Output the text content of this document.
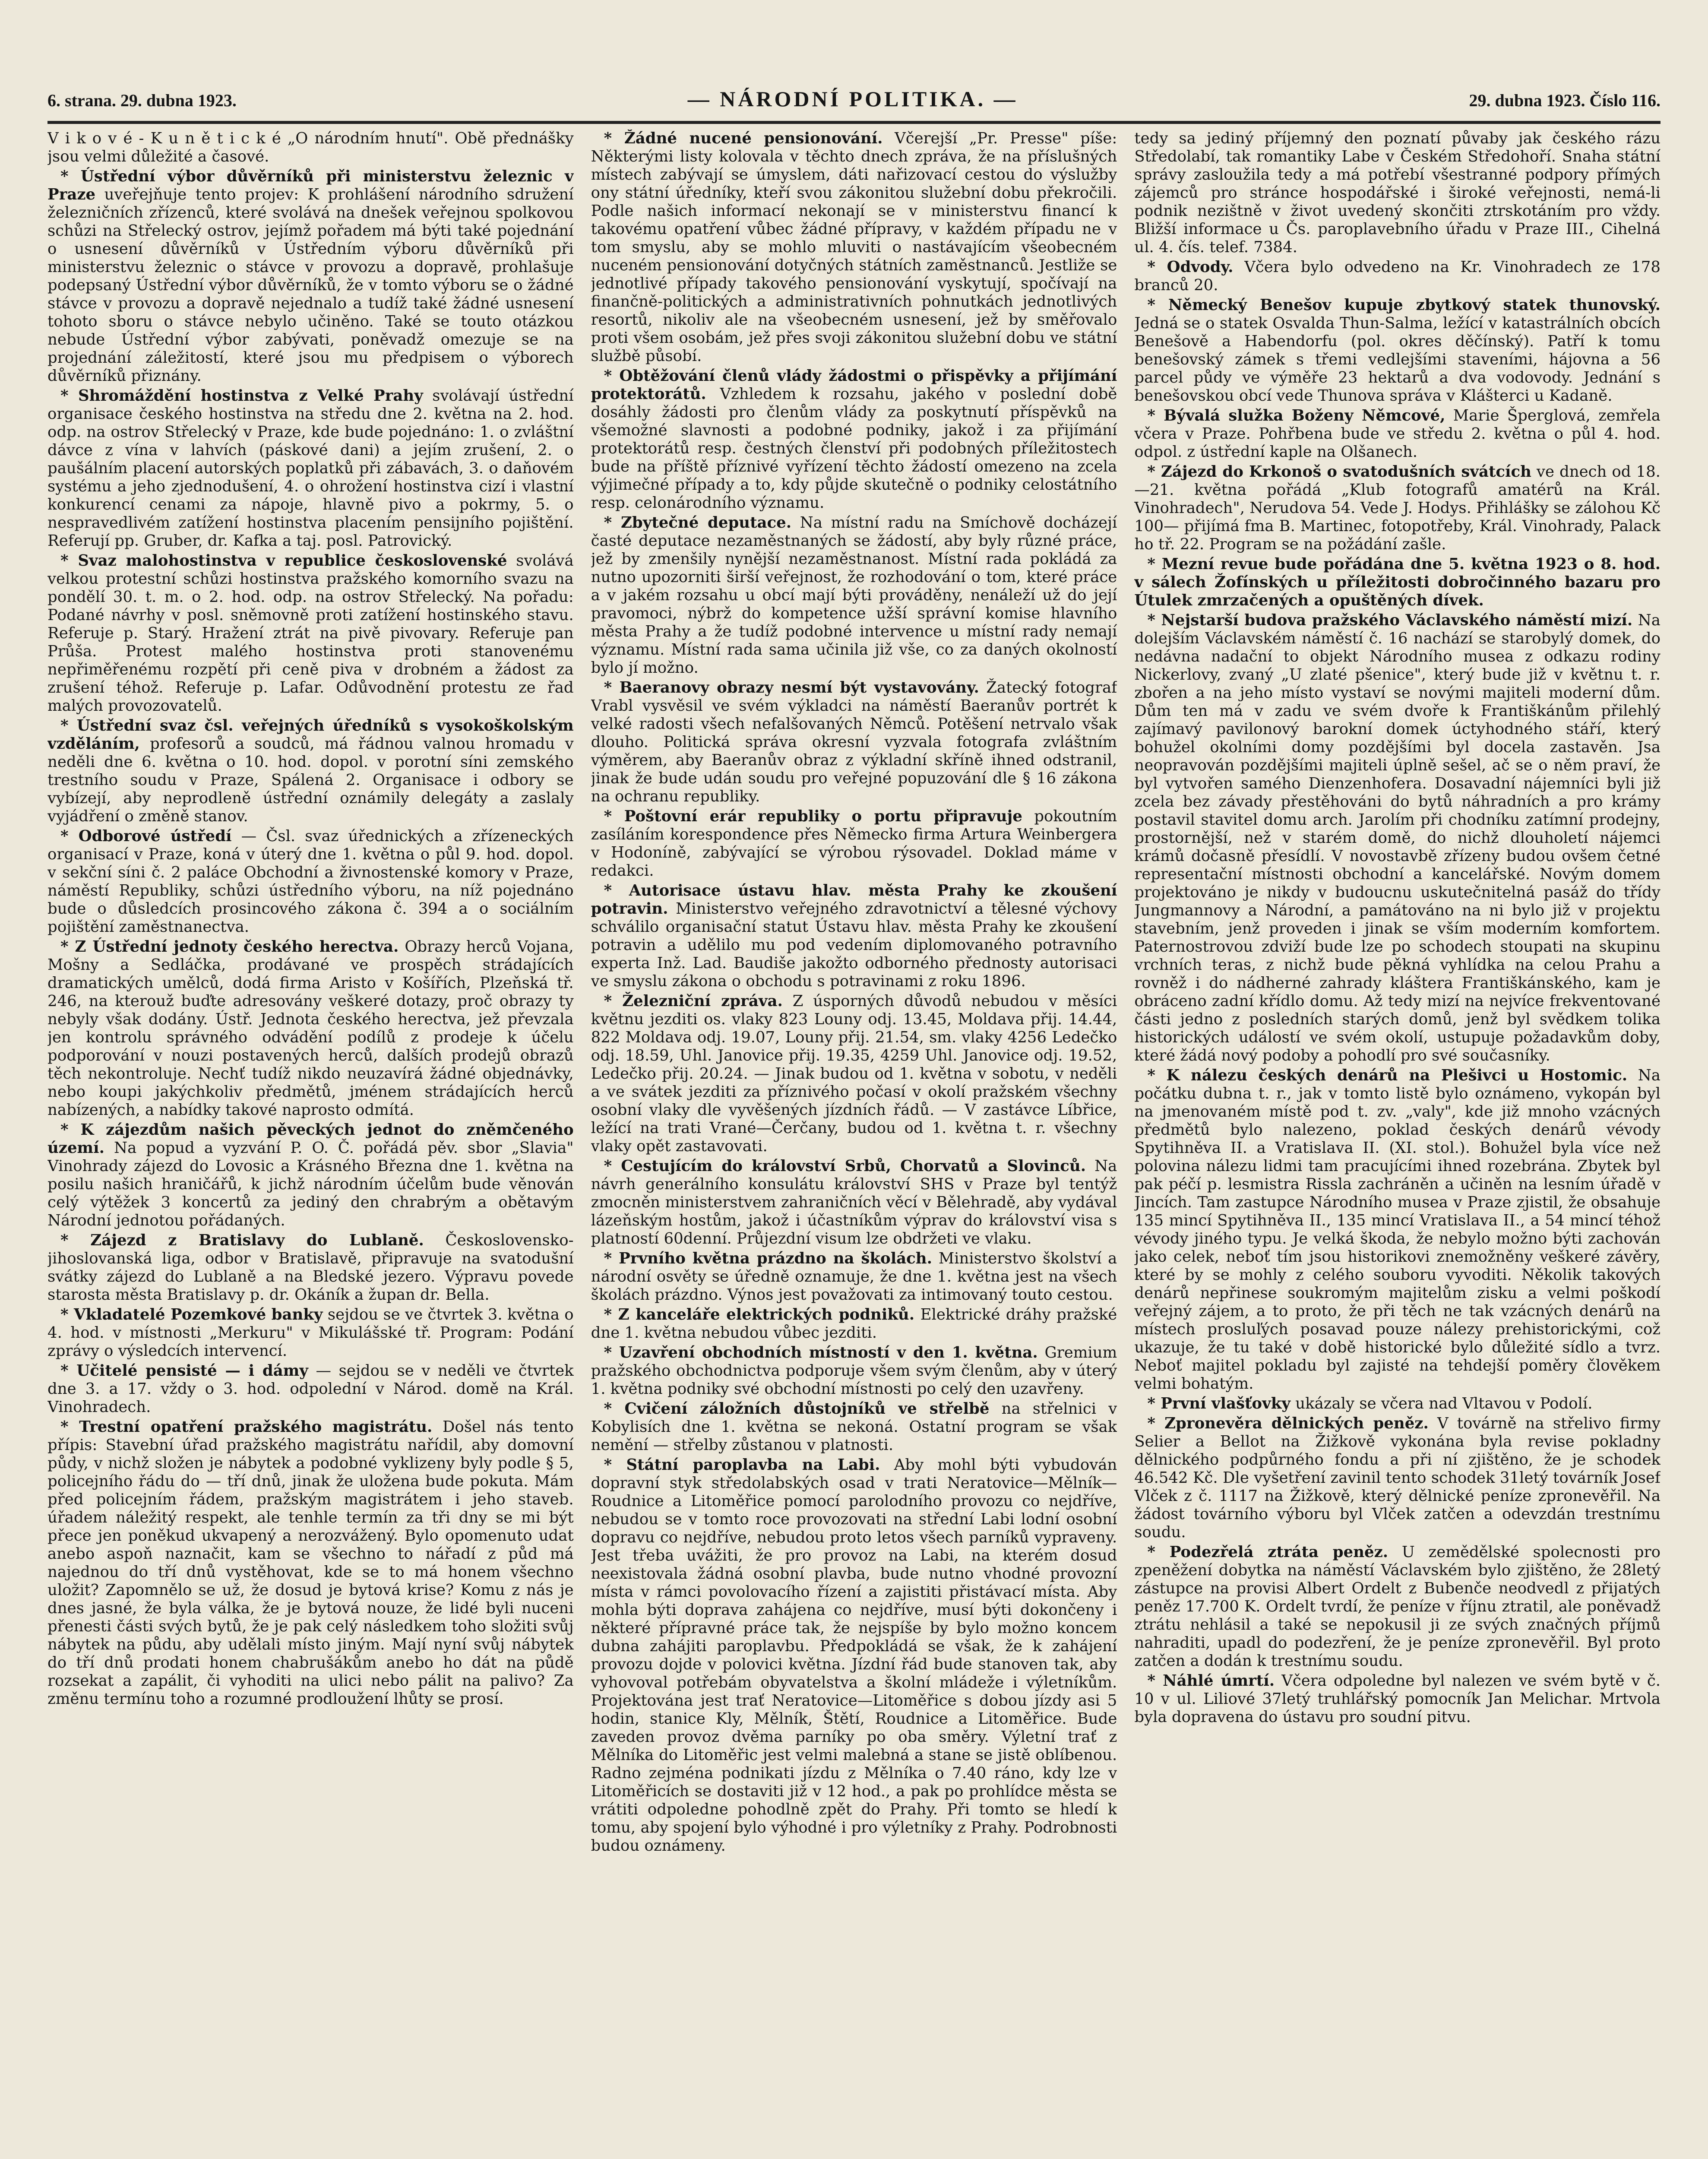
6. strana. 29. dubna 1923.	— NÁRODNÍ POLITIKA. —	29. dubna 1923. Číslo 116.

V i k o v é - K u n ě t i c k é „O národním hnutí". Obě přednášky jsou velmi důležité a časové.

* Ústřední výbor důvěrníků při ministerstvu železnic v Praze uveřejňuje tento projev: K prohlášení národního sdružení železničních zřízenců, které svolává na dnešek veřejnou spolkovou schůzi na Střelecký ostrov, jejímž pořadem má býti také pojednání o usnesení důvěrníků v Ústředním výboru důvěrníků při ministerstvu železnic o stávce v provozu a dopravě, prohlašuje podepsaný Ústřední výbor důvěrníků, že v tomto výboru se o žádné stávce v provozu a dopravě nejednalo a tudíž také žádné usnesení tohoto sboru o stávce nebylo učiněno. Také se touto otázkou nebude Ústřední výbor zabývati, poněvadž omezuje se na projednání záležitostí, které jsou mu předpisem o výborech důvěrníků přiznány.

* Shromáždění hostinstva z Velké Prahy svolávají ústřední organisace českého hostinstva na středu dne 2. května na 2. hod. odp. na ostrov Střelecký v Praze, kde bude pojednáno: 1. o zvláštní dávce z vína v lahvích (páskové dani) a jejím zrušení, 2. o paušálním placení autorských poplatků při zábavách, 3. o daňovém systému a jeho zjednodušení, 4. o ohrožení hostinstva cizí i vlastní konkurencí cenami za nápoje, hlavně pivo a pokrmy, 5. o nespravedlivém zatížení hostinstva placením pensijního pojištění. Referují pp. Gruber, dr. Kafka a taj. posl. Patrovický.

* Svaz malohostinstva v republice československé svolává velkou protestní schůzi hostinstva pražského komorního svazu na pondělí 30. t. m. o 2. hod. odp. na ostrov Střelecký. Na pořadu: Podané návrhy v posl. sněmovně proti zatížení hostinského stavu. Referuje p. Starý. Hražení ztrát na pivě pivovary. Referuje pan Průša. Protest malého hostinstva proti stanovenému nepřiměřenému rozpětí při ceně piva v drobném a žádost za zrušení téhož. Referuje p. Lafar. Odůvodnění protestu ze řad malých provozovatelů.

* Ústřední svaz čsl. veřejných úředníků s vysokoškolským vzděláním, profesorů a soudců, má řádnou valnou hromadu v neděli dne 6. května o 10. hod. dopol. v porotní síni zemského trestního soudu v Praze, Spálená 2. Organisace i odbory se vybízejí, aby neprodleně ústřední oznámily delegáty a zaslaly vyjádření o změně stanov.

* Odborové ústředí — Čsl. svaz úřednických a zřízeneckých organisací v Praze, koná v úterý dne 1. května o půl 9. hod. dopol. v sekční síni č. 2 paláce Obchodní a živnostenské komory v Praze, náměstí Republiky, schůzi ústředního výboru, na níž pojednáno bude o důsledcích prosincového zákona č. 394 a o sociálním pojištění zaměstnanectva.

* Z Ústřední jednoty českého herectva. Obrazy herců Vojana, Mošny a Sedláčka, prodávané ve prospěch strádajících dramatických umělců, dodá firma Aristo v Košířích, Plzeňská tř. 246, na kterouž buďte adresovány veškeré dotazy, proč obrazy ty nebyly však dodány. Ústř. Jednota českého herectva, jež převzala jen kontrolu správného odvádění podílů z prodeje k účelu podporování v nouzi postavených herců, dalších prodejů obrazů těch nekontroluje. Nechť tudíž nikdo neuzavírá žádné objednávky, nebo koupi jakýchkoliv předmětů, jménem strádajících herců nabízených, a nabídky takové naprosto odmítá.

* K zájezdům našich pěveckých jednot do zněmčeného území. Na popud a vyzvání P. O. Č. pořádá pěv. sbor „Slavia" Vinohrady zájezd do Lovosic a Krásného Března dne 1. května na posilu našich hraničářů, k jichž národním účelům bude věnován celý výtěžek 3 koncertů za jediný den chrabrým a obětavým Národní jednotou pořádaných.

* Zájezd z Bratislavy do Lublaně. Československo-jihoslovanská liga, odbor v Bratislavě, připravuje na svatodušní svátky zájezd do Lublaně a na Bledské jezero. Výpravu povede starosta města Bratislavy p. dr. Okáník a župan dr. Bella.

* Vkladatelé Pozemkové banky sejdou se ve čtvrtek 3. května o 4. hod. v místnosti „Merkuru" v Mikulášské tř. Program: Podání zprávy o výsledcích intervencí.

* Učitelé pensisté — i dámy — sejdou se v neděli ve čtvrtek dne 3. a 17. vždy o 3. hod. odpolední v Národ. domě na Král. Vinohradech.

* Trestní opatření pražského magistrátu. Došel nás tento přípis: Stavební úřad pražského magistrátu nařídil, aby domovní půdy, v nichž složen je nábytek a podobné vyklizeny byly podle § 5, policejního řádu do — tří dnů, jinak že uložena bude pokuta. Mám před policejním řádem, pražským magistrátem i jeho staveb. úřadem náležitý respekt, ale tenhle termín za tři dny se mi být přece jen poněkud ukvapený a nerozvážený. Bylo opomenuto udat anebo aspoň naznačit, kam se všechno to nářadí z půd má najednou do tří dnů vystěhovat, kde se to má honem všechno uložit? Zapomnělo se už, že dosud je bytová krise? Komu z nás je dnes jasné, že byla válka, že je bytová nouze, že lidé byli nuceni přenesti části svých bytů, že je pak celý následkem toho složiti svůj nábytek na půdu, aby udělali místo jiným. Mají nyní svůj nábytek do tří dnů prodati honem chabrušákům anebo ho dát na půdě rozsekat a zapálit, či vyhoditi na ulici nebo pálit na palivo? Za změnu termínu toho a rozumné prodloužení lhůty se prosí.

* Žádné nucené pensionování. Včerejší „Pr. Presse" píše: Některými listy kolovala v těchto dnech zpráva, že na příslušných místech zabývají se úmyslem, dáti nařizovací cestou do výslužby ony státní úředníky, kteří svou zákonitou služební dobu překročili. Podle našich informací nekonají se v ministerstvu financí k takovému opatření vůbec žádné přípravy, v každém případu ne v tom smyslu, aby se mohlo mluviti o nastávajícím všeobecném nuceném pensionování dotyčných státních zaměstnanců. Jestliže se jednotlivé případy takového pensionování vyskytují, spočívají na finančně-politických a administrativních pohnutkách jednotlivých resortů, nikoliv ale na všeobecném usnesení, jež by směřovalo proti všem osobám, jež přes svoji zákonitou služební dobu ve státní službě působí.

* Obtěžování členů vlády žádostmi o přispěvky a přijímání protektorátů. Vzhledem k rozsahu, jakého v poslední době dosáhly žádosti pro členům vlády za poskytnutí příspěvků na všemožné slavnosti a podobné podniky, jakož i za přijímání protektorátů resp. čestných členství při podobných příležitostech bude na příště příznivé vyřízení těchto žádostí omezeno na zcela výjimečné případy a to, kdy půjde skutečně o podniky celostátního resp. celonárodního významu.

* Zbytečné deputace. Na místní radu na Smíchově docházejí časté deputace nezaměstnaných se žádostí, aby byly různé práce, jež by zmenšily nynější nezaměstnanost. Místní rada pokládá za nutno upozorniti širší veřejnost, že rozhodování o tom, které práce a v jakém rozsahu u obcí mají býti prováděny, nenáleží už do její pravomoci, nýbrž do kompetence užší správní komise hlavního města Prahy a že tudíž podobné intervence u místní rady nemají významu. Místní rada sama učinila již vše, co za daných okolností bylo jí možno.

* Baeranovy obrazy nesmí být vystavovány. Žatecký fotograf Vrabl vysvěsil ve svém výkladci na náměstí Baeranův portrét k velké radosti všech nefalšovaných Němců. Potěšení netrvalo však dlouho. Politická správa okresní vyzvala fotografa zvláštním výměrem, aby Baeranův obraz z výkladní skříně ihned odstranil, jinak že bude udán soudu pro veřejné popuzování dle § 16 zákona na ochranu republiky.

* Poštovní erár republiky o portu připravuje pokoutním zasíláním korespondence přes Německo firma Artura Weinbergera v Hodoníně, zabývající se výrobou rýsovadel. Doklad máme v redakci.

* Autorisace ústavu hlav. města Prahy ke zkoušení potravin. Ministerstvo veřejného zdravotnictví a tělesné výchovy schválilo organisační statut Ústavu hlav. města Prahy ke zkoušení potravin a udělilo mu pod vedením diplomovaného potravního experta Inž. Lad. Baudiše jakožto odborného přednosty autorisaci ve smyslu zákona o obchodu s potravinami z roku 1896.

* Železniční zpráva. Z úsporných důvodů nebudou v měsíci květnu jezditi os. vlaky 823 Louny odj. 13.45, Moldava přij. 14.44, 822 Moldava odj. 19.07, Louny přij. 21.54, sm. vlaky 4256 Ledečko odj. 18.59, Uhl. Janovice přij. 19.35, 4259 Uhl. Janovice odj. 19.52, Ledečko přij. 20.24. — Jinak budou od 1. května v sobotu, v neděli a ve svátek jezditi za příznivého počasí v okolí pražském všechny osobní vlaky dle vyvěšených jízdních řádů. — V zastávce Líbřice, ležící na trati Vrané—Čerčany, budou od 1. května t. r. všechny vlaky opět zastavovati.

* Cestujícím do království Srbů, Chorvatů a Slovinců. Na návrh generálního konsulátu království SHS v Praze byl tentýž zmocněn ministerstvem zahraničních věcí v Bělehradě, aby vydával lázeňským hostům, jakož i účastníkům výprav do království visa s platností 60denní. Průjezdní visum lze obdržeti ve vlaku.

* Prvního května prázdno na školách. Ministerstvo školství a národní osvěty se úředně oznamuje, že dne 1. května jest na všech školách prázdno. Výnos jest považovati za intimovaný touto cestou.

* Z kanceláře elektrických podniků. Elektrické dráhy pražské dne 1. května nebudou vůbec jezditi.

* Uzavření obchodních místností v den 1. května. Gremium pražského obchodnictva podporuje všem svým členům, aby v úterý 1. května podniky své obchodní místnosti po celý den uzavřeny.

* Cvičení záložních důstojníků ve střelbě na střelnici v Kobylisích dne 1. května se nekoná. Ostatní program se však nemění — střelby zůstanou v platnosti.

* Státní paroplavba na Labi. Aby mohl býti vybudován dopravní styk středolabských osad v trati Neratovice—Mělník—Roudnice a Litoměřice pomocí parolodního provozu co nejdříve, nebudou se v tomto roce provozovati na střední Labi lodní osobní dopravu co nejdříve, nebudou proto letos všech parníků vypraveny. Jest třeba uvážiti, že pro provoz na Labi, na kterém dosud neexistovala žádná osobní plavba, bude nutno vhodné provozní místa v rámci povolovacího řízení a zajistiti přistávací místa. Aby mohla býti doprava zahájena co nejdříve, musí býti dokončeny i některé přípravné práce tak, že nejspíše by bylo možno koncem dubna zahájiti paroplavbu. Předpokládá se však, že k zahájení provozu dojde v polovici května. Jízdní řád bude stanoven tak, aby vyhovoval potřebám obyvatelstva a školní mládeže i výletníkům. Projektována jest trať Neratovice—Litoměřice s dobou jízdy asi 5 hodin, stanice Kly, Mělník, Štětí, Roudnice a Litoměřice. Bude zaveden provoz dvěma parníky po oba směry. Výletní trať z Mělníka do Litoměřic jest velmi malebná a stane se jistě oblíbenou. Radno zejména podnikati jízdu z Mělníka o 7.40 ráno, kdy lze v Litoměřicích se dostaviti již v 12 hod., a pak po prohlídce města se vrátiti odpoledne pohodlně zpět do Prahy. Při tomto se hledí k tomu, aby spojení bylo výhodné i pro výletníky z Prahy. Podrobnosti budou oznámeny.

tedy sa jediný příjemný den poznatí půvaby jak českého rázu Středolabí, tak romantiky Labe v Českém Středohoří. Snaha státní správy zasloužila tedy a má potřebí všestranné podpory přímých zájemců pro stránce hospodářské i široké veřejnosti, nemá-li podnik nezištně v život uvedený skončiti ztrskotáním pro vždy. Bližší informace u Čs. paroplavebního úřadu v Praze III., Cihelná ul. 4. čís. telef. 7384.

* Odvody. Včera bylo odvedeno na Kr. Vinohradech ze 178 branců 20.

* Německý Benešov kupuje zbytkový statek thunovský. Jedná se o statek Osvalda Thun-Salma, ležící v katastrálních obcích Benešově a Habendorfu (pol. okres děčínský). Patří k tomu benešovský zámek s třemi vedlejšími staveními, hájovna a 56 parcel půdy ve výměře 23 hektarů a dva vodovody. Jednání s benešovskou obcí vede Thunova správa v Klášterci u Kadaně.

* Bývalá služka Boženy Němcové, Marie Šperglová, zemřela včera v Praze. Pohřbena bude ve středu 2. května o půl 4. hod. odpol. z ústřední kaple na Olšanech.

* Zájezd do Krkonoš o svatodušních svátcích ve dnech od 18.—21. května pořádá „Klub fotografů amatérů na Král. Vinohradech", Nerudova 54. Vede J. Hodys. Přihlášky se zálohou Kč 100— přijímá fma B. Martinec, fotopotřeby, Král. Vinohrady, Palack ho tř. 22. Program se na požádání zašle.

* Mezní revue bude pořádána dne 5. května 1923 o 8. hod. v sálech Žofínských u příležitosti dobročinného bazaru pro Útulek zmrzačených a opuštěných dívek.

* Nejstarší budova pražského Václavského náměstí mizí. Na dolejším Václavském náměstí č. 16 nachází se starobylý domek, do nedávna nadační to objekt Národního musea z odkazu rodiny Nickerlovy, zvaný „U zlaté pšenice", který bude již v květnu t. r. zbořen a na jeho místo vystaví se novými majiteli moderní dům. Dům ten má v zadu ve svém dvoře k Františkánům přilehlý zajímavý pavilonový barokní domek úctyhodného stáří, který bohužel okolními domy pozdějšími byl docela zastavěn. Jsa neopravován pozdějšími majiteli úplně sešel, ač se o něm praví, že byl vytvořen samého Dienzenhofera. Dosavadní nájemníci byli již zcela bez závady přestěhováni do bytů náhradních a pro krámy postavil stavitel domu arch. Jarolím při chodníku zatímní prodejny, prostornější, než v starém domě, do nichž dlouholetí nájemci krámů dočasně přesídlí. V novostavbě zřízeny budou ovšem četné representační místnosti obchodní a kancelářské. Novým domem projektováno je nikdy v budoucnu uskutečnitelná pasáž do třídy Jungmannovy a Národní, a památováno na ni bylo již v projektu stavebním, jenž proveden i jinak se vším moderním komfortem. Paternostrovou zdviží bude lze po schodech stoupati na skupinu vrchních teras, z nichž bude pěkná vyhlídka na celou Prahu a rovněž i do nádherné zahrady kláštera Františkánského, kam je obráceno zadní křídlo domu. Až tedy mizí na nejvíce frekventované části jedno z posledních starých domů, jenž byl svědkem tolika historických událostí ve svém okolí, ustupuje požadavkům doby, které žádá nový podoby a pohodlí pro své současníky.

* K nálezu českých denárů na Plešivci u Hostomic. Na počátku dubna t. r., jak v tomto listě bylo oznámeno, vykopán byl na jmenovaném místě pod t. zv. „valy", kde již mnoho vzácných předmětů bylo nalezeno, poklad českých denárů vévody Spytihněva II. a Vratislava II. (XI. stol.). Bohužel byla více než polovina nálezu lidmi tam pracujícími ihned rozebrána. Zbytek byl pak péčí p. lesmistra Rissla zachráněn a učiněn na lesním úřadě v Jincích. Tam zastupce Národního musea v Praze zjistil, že obsahuje 135 mincí Spytihněva II., 135 mincí Vratislava II., a 54 mincí téhož vévody jiného typu. Je velká škoda, že nebylo možno býti zachován jako celek, neboť tím jsou historikovi znemožněny veškeré závěry, které by se mohly z celého souboru vyvoditi. Několik takových denárů nepřinese soukromým majitelům zisku a velmi poškodí veřejný zájem, a to proto, že při těch ne tak vzácných denárů na místech prosluľých posavad pouze nálezy prehistorickými, což ukazuje, že tu také v době historické bylo důležité sídlo a tvrz. Neboť majitel pokladu byl zajisté na tehdejší poměry člověkem velmi bohatým.

* První vlašťovky ukázaly se včera nad Vltavou v Podolí.

* Zpronevěra dělnických peněz. V továrně na střelivo firmy Selier a Bellot na Žižkově vykonána byla revise pokladny dělnického podpůrného fondu a při ní zjištěno, že je schodek 46.542 Kč. Dle vyšetření zavinil tento schodek 31letý továrník Josef Vlček z č. 1117 na Žižkově, který dělnické peníze zpronevěřil. Na žádost továrního výboru byl Vlček zatčen a odevzdán trestnímu soudu.

* Podezřelá ztráta peněz. U zemědělské spolecnosti pro zpeněžení dobytka na náměstí Václavském bylo zjištěno, že 28letý zástupce na provisi Albert Ordelt z Bubenče neodvedl z přijatých peněz 17.700 K. Ordelt tvrdí, že peníze v říjnu ztratil, ale poněvadž ztrátu nehlásil a také se nepokusil ji ze svých značných příjmů nahraditi, upadl do podezření, že je peníze zpronevěřil. Byl proto zatčen a dodán k trestnímu soudu.

* Náhlé úmrtí. Včera odpoledne byl nalezen ve svém bytě v č. 10 v ul. Liliové 37letý truhlářský pomocník Jan Melichar. Mrtvola byla dopravena do ústavu pro soudní pitvu.
